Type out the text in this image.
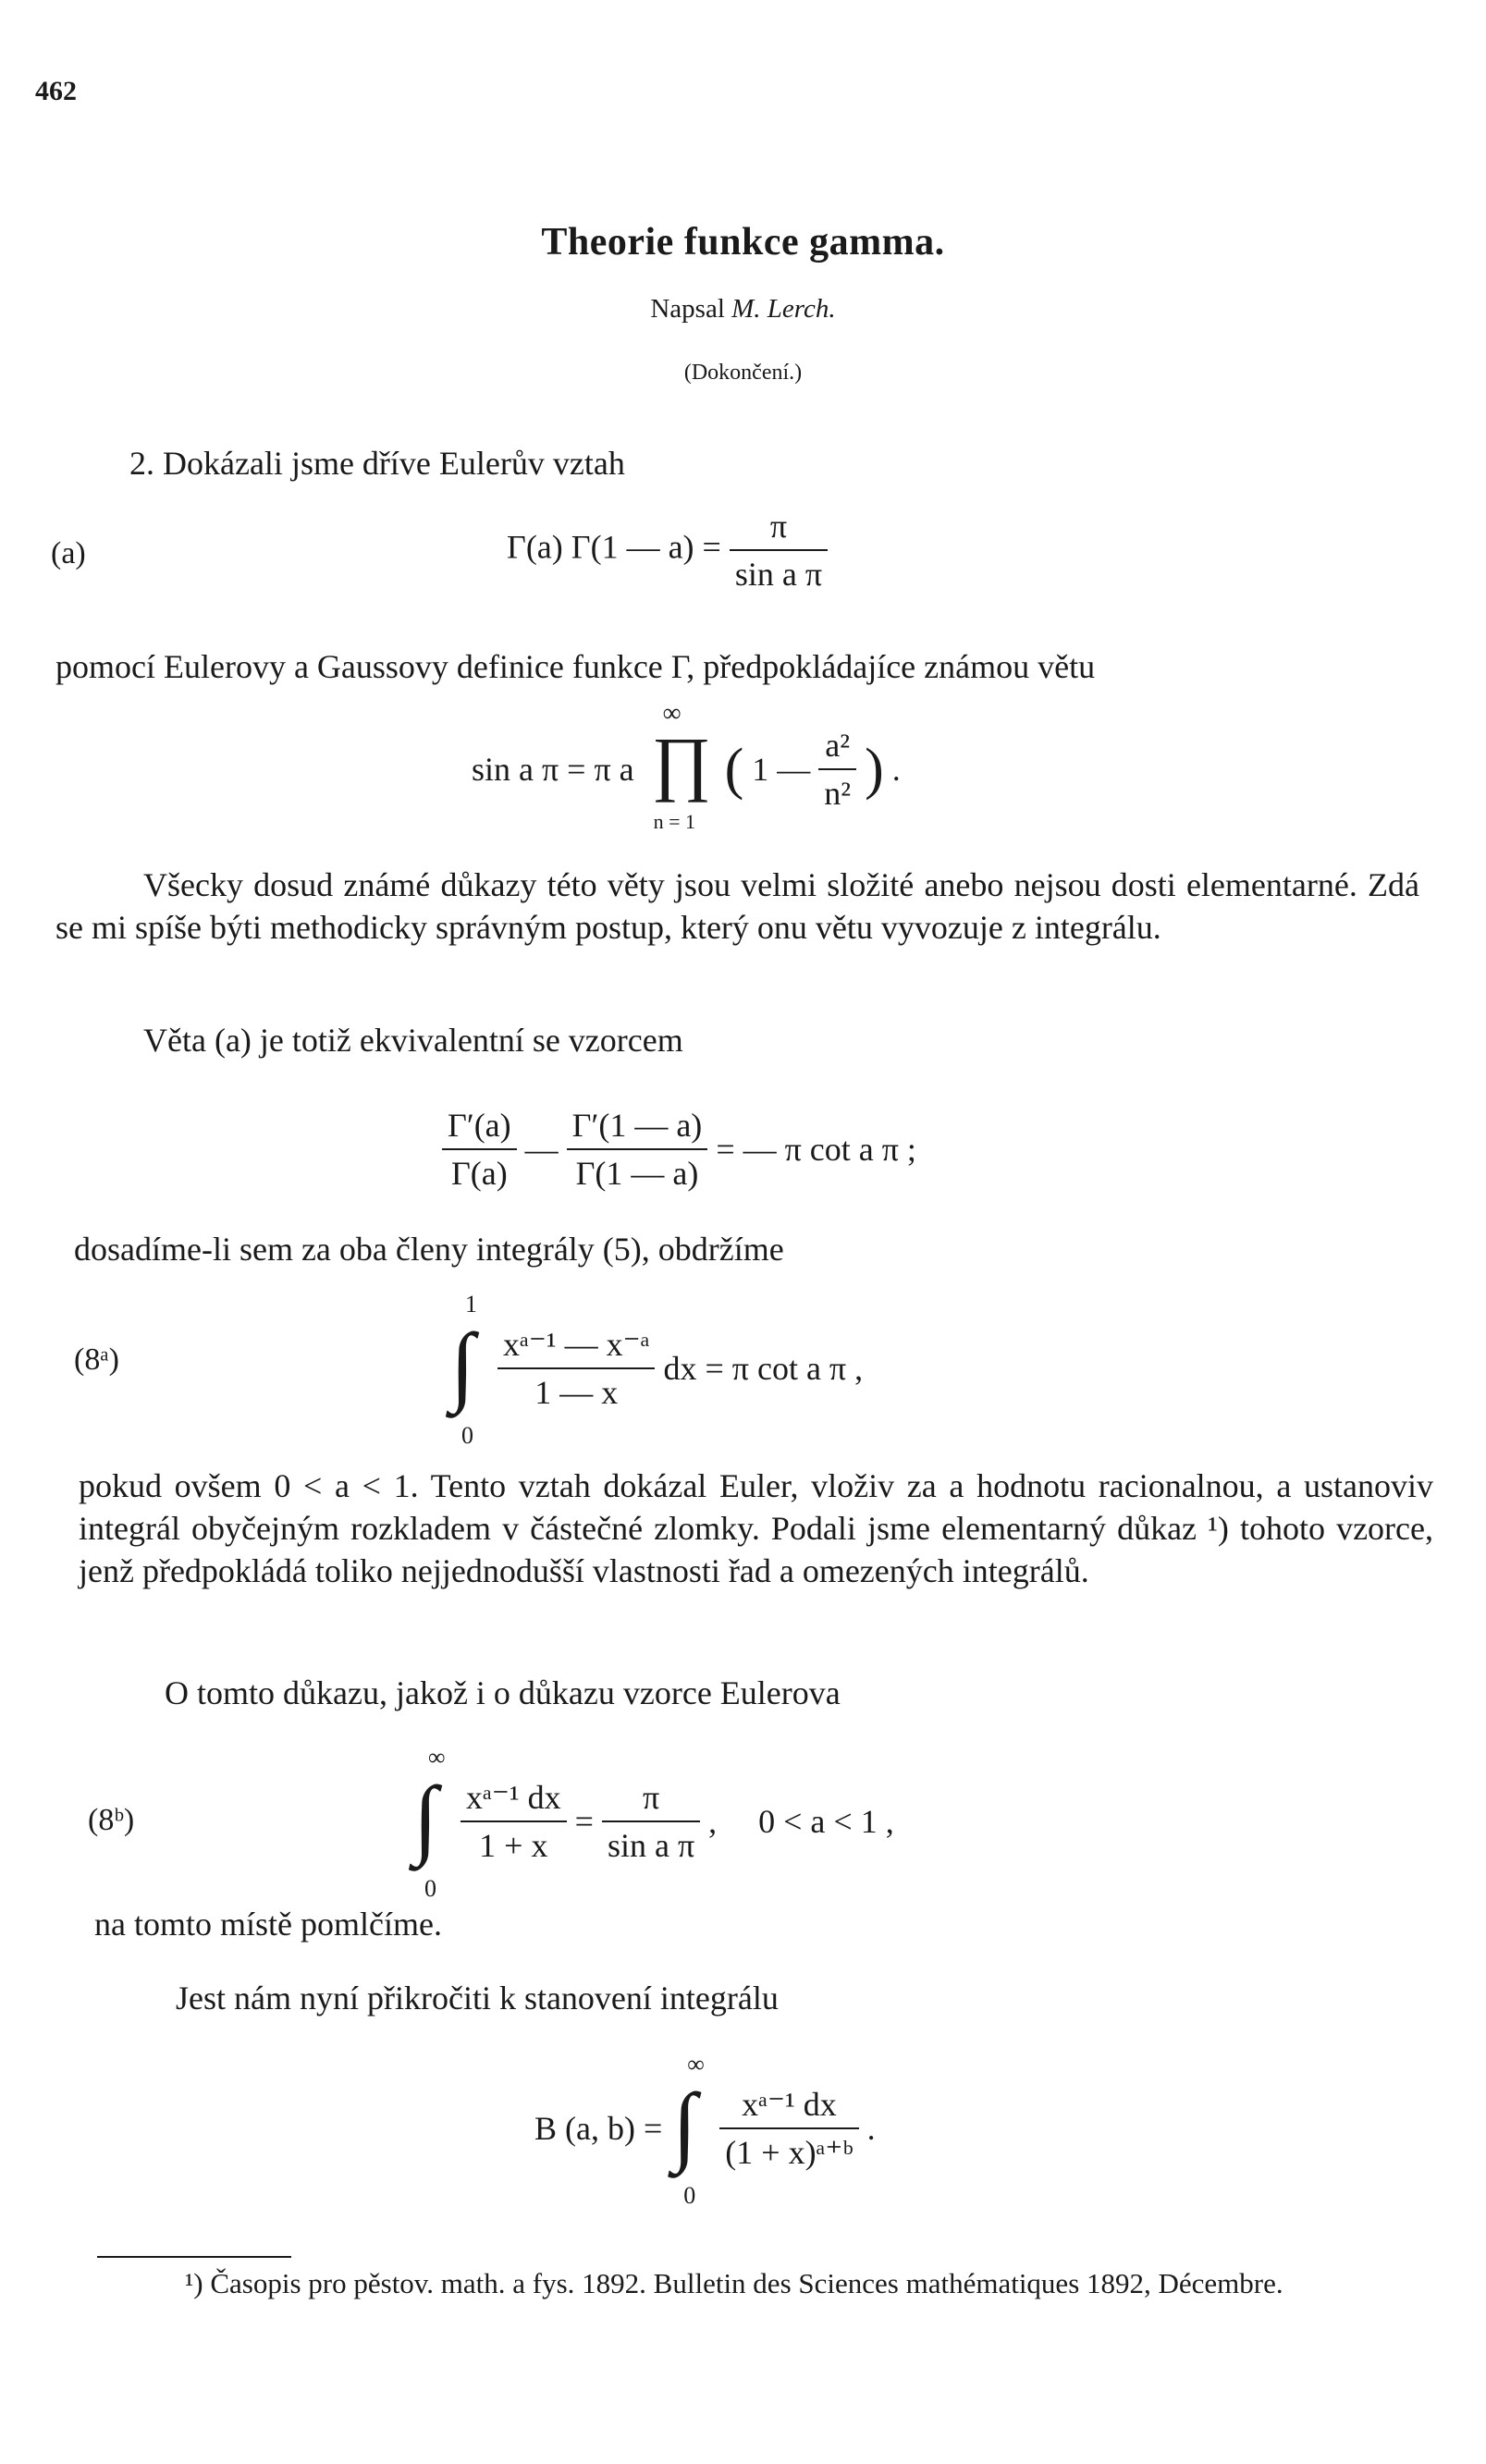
462
Theorie funkce gamma.
Napsal M. Lerch.
(Dokončení.)
2. Dokázali jsme dříve Eulerův vztah
(a)	Γ(a) Γ(1 — $a) = \frac{\pi}{\text{sin a π}}$
pomocí Eulerovy a Gaussovy definice funkce Γ, předpokládajíce známou větu
sin a π = π a
∞
∏
n = 1
( 1 — $\frac{\text{a²}}{\text{n²}}$ ) .
Všecky dosud známé důkazy této věty jsou velmi složité anebo nejsou dosti elementarné. Zdá se mi spíše býti methodicky správným postup, který onu větu vyvozuje z integrálu.
Věta (a) je totiž ekvivalentní se vzorcem
$\frac{\Gamma'(a)}{\Gamma(a)}$ — $\frac{\Gamma'(1 — a)}{\Gamma(1 — a)}$ = — π cot a π ;
dosadíme-li sem za oba členy integrály (5), obdržíme
(8ᵃ)
1
∫
0

$\frac{\text{xᵃ⁻¹ — x⁻ᵃ}}{1 — x}$ dx = π cot a π ,
pokud ovšem 0 < a < 1. Tento vztah dokázal Euler, vloživ za a hodnotu racionalnou, a ustanoviv integrál obyčejným rozkladem v částečné zlomky. Podali jsme elementarný důkaz ¹) tohoto vzorce, jenž předpokládá toliko nejjednodušší vlastnosti řad a omezených integrálů.
O tomto důkazu, jakož i o důkazu vzorce Eulerova
(8ᵇ)
∞
∫
0

$\frac{\text{xᵃ⁻¹ dx}}{1 + x} = \frac{\pi}{\text{sin a π}}$ ,     0 < a < 1 ,
na tomto místě pomlčíme.
Jest nám nyní přikročiti k stanovení integrálu
B (a, b) =
∞
∫
0

$\frac{\text{xᵃ⁻¹ dx}}{\text{(1 + x)ᵃ⁺ᵇ}}$ .
¹) Časopis pro pěstov. math. a fys. 1892. Bulletin des Sciences mathématiques 1892, Décembre.
